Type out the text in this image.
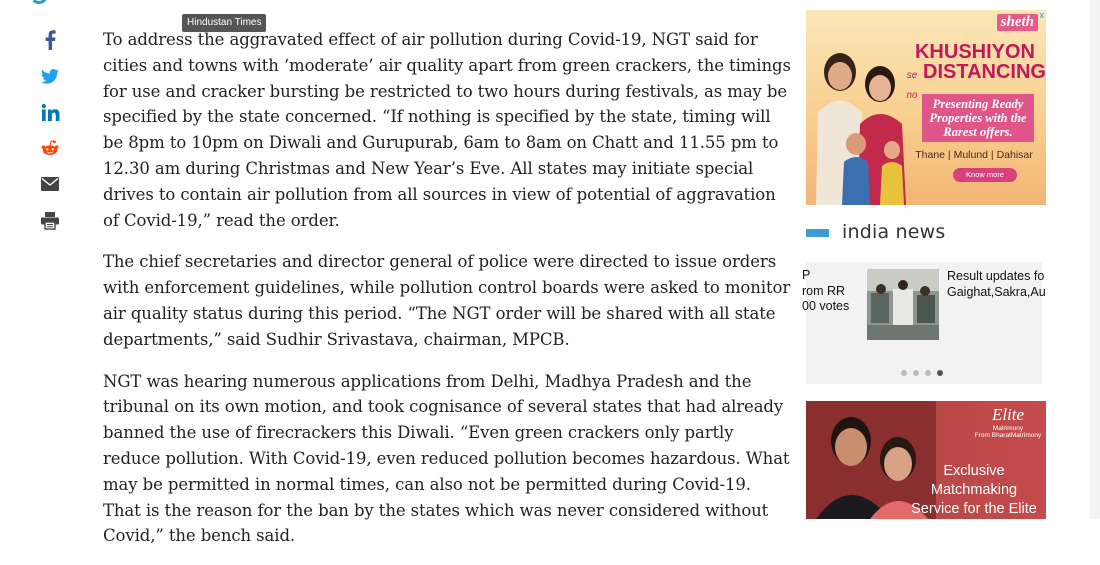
Hindustan Times

To address the aggravated effect of air pollution during Covid-19, NGT said for cities and towns with ‘moderate’ air quality apart from green crackers, the timings for use and cracker bursting be restricted to two hours during festivals, as may be specified by the state concerned. “If nothing is specified by the state, timing will be 8pm to 10pm on Diwali and Gurupurab, 6am to 8am on Chatt and 11.55 pm to 12.30 am during Christmas and New Year’s Eve. All states may initiate special drives to contain air pollution from all sources in view of potential of aggravation of Covid-19,” read the order.

The chief secretaries and director general of police were directed to issue orders with enforcement guidelines, while pollution control boards were asked to monitor air quality status during this period. “The NGT order will be shared with all state departments,” said Sudhir Srivastava, chairman, MPCB.

NGT was hearing numerous applications from Delhi, Madhya Pradesh and the tribunal on its own motion, and took cognisance of several states that had already banned the use of firecrackers this Diwali. “Even green crackers only partly reduce pollution. With Covid-19, even reduced pollution becomes hazardous. What may be permitted in normal times, can also not be permitted during Covid-19. That is the reason for the ban by the states which was never considered without Covid,” the bench said.

sheth x
KHUSHIYON
se no
DISTANCING
Presenting Ready Properties with the Rarest offers.
Thane | Mulund | Dahisar
Know more
india news
P
rom RR
00 votes
Result updates fo Gaighat,Sakra,Au
Elite
Matrimony
From BharatMatrimony
Exclusive
Matchmaking
Service for the Elite
